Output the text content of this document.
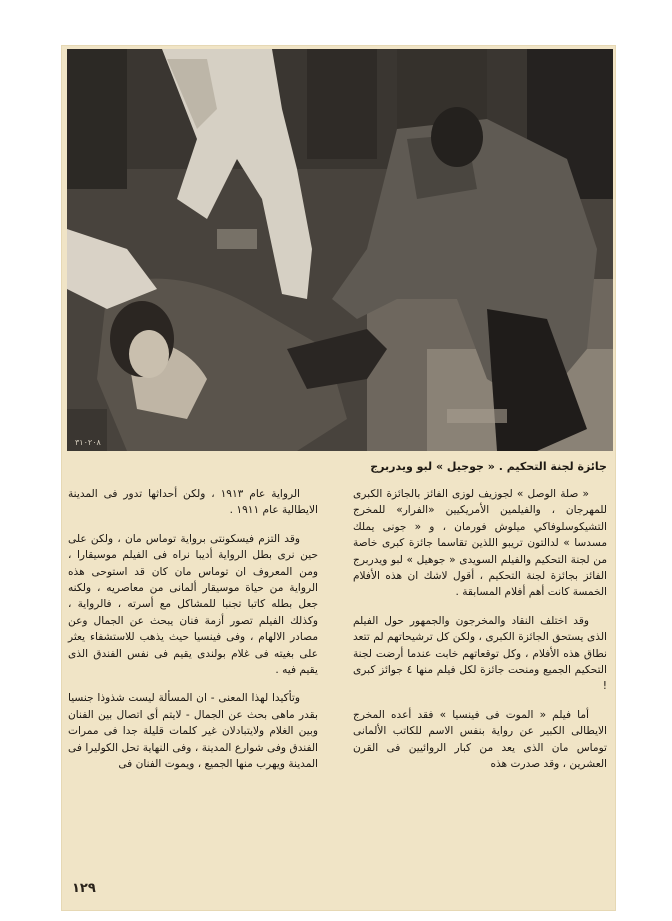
٣١٠٢٠٨
جائزة لجنة التحكيم . « جوجيل » لبو ويدربرج

« صلة الوصل » لجوزيف لوزى الفائز بالجائزة الكبرى للمهرجان ، والفيلمين الأمريكيين «الفرار» للمخرج التشيكوسلوفاكي ميلوش فورمان ، و « جونى يملك مسدسا » لدالتون تريبو اللذين تقاسما جائزة كبرى خاصة من لجنة التحكيم والفيلم السويدى « جوهيل » لبو ويدربرج الفائز بجائزة لجنة التحكيم ، أقول لاشك ان هذه الأفلام الخمسة كانت أهم أفلام المسابقة .

وقد اختلف النقاد والمخرجون والجمهور حول الفيلم الذى يستحق الجائزة الكبرى ، ولكن كل ترشيحاتهم لم تتعد نطاق هذه الأفلام ، وكل توقعاتهم خابت عندما أرضت لجنة التحكيم الجميع ومنحت جائزة لكل فيلم منها ٤ جوائز كبرى !

أما فيلم « الموت فى فينسيا » فقد أعده المخرج الايطالى الكبير عن رواية بنفس الاسم للكاتب الألمانى توماس مان الذى يعد من كبار الروائيين فى القرن العشرين ، وقد صدرت هذه

الرواية عام ١٩١٣ ، ولكن أحداثها تدور فى المدينة الايطالية عام ١٩١١ .

وقد التزم فيسكونتى برواية توماس مان ، ولكن على حين نرى بطل الرواية أديبا نراه فى الفيلم موسيقارا ، ومن المعروف ان توماس مان كان قد استوحى هذه الرواية من حياة موسيقار ألمانى من معاصريه ، ولكنه جعل بطله كاتبا تجنبا للمشاكل مع أسرته ، فالرواية ، وكذلك الفيلم تصور أزمة فنان يبحث عن الجمال وعن مصادر الالهام ، وفى فينسيا حيث يذهب للاستشفاء يعثر على بغيته فى غلام بولندى يقيم فى نفس الفندق الذى يقيم فيه .

وتأكيدا لهذا المعنى - ان المسألة ليست شذوذا جنسيا بقدر ماهى بحث عن الجمال - لايتم أى اتصال بين الفنان وبين الغلام ولايتبادلان غير كلمات قليلة جدا فى ممرات الفندق وفى شوارع المدينة ، وفى النهاية تحل الكوليرا فى المدينة ويهرب منها الجميع ، ويموت الفنان فى

١٢٩
